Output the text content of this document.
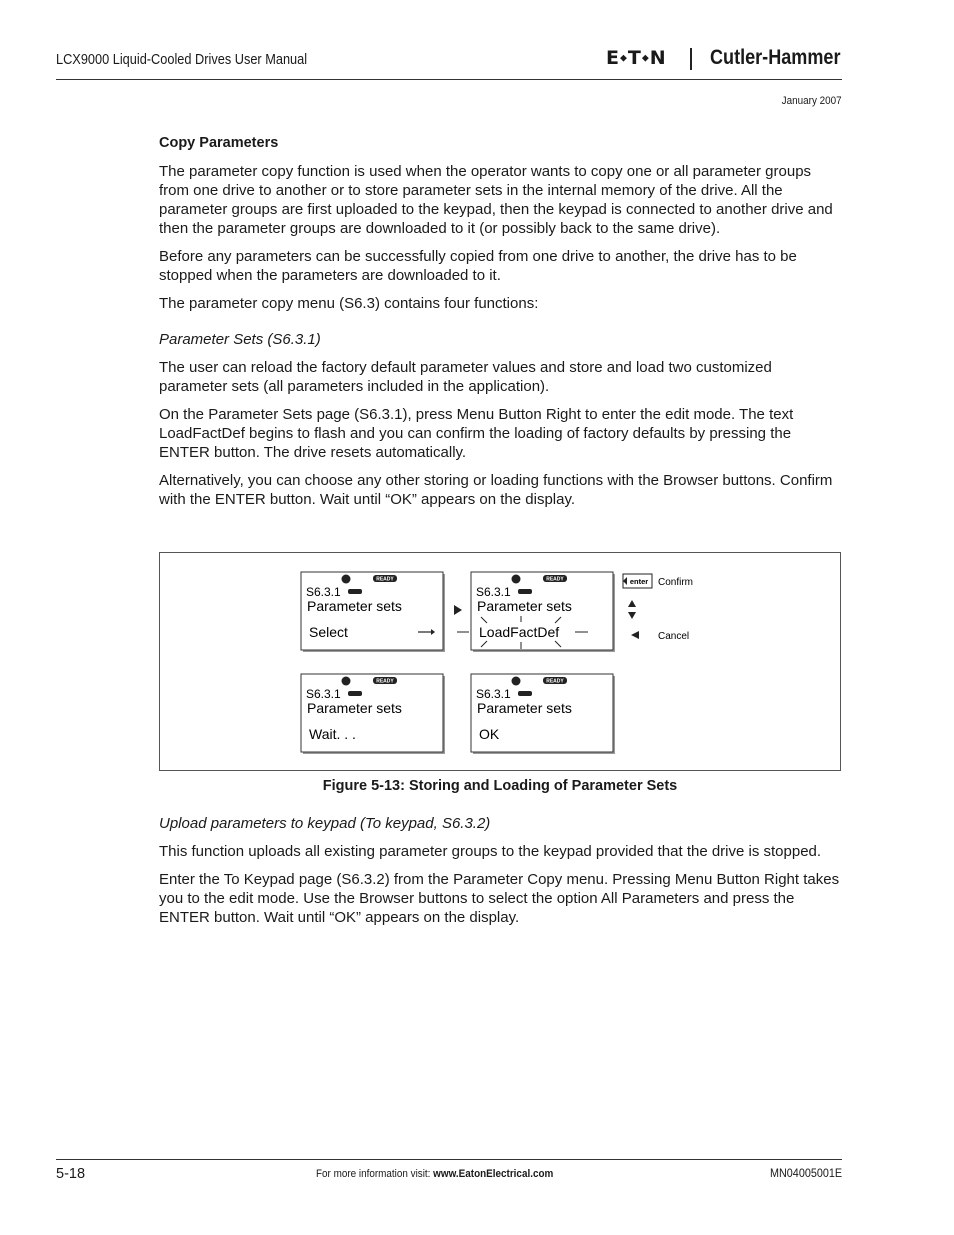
LCX9000 Liquid-Cooled Drives User Manual	E◆T◆N Cutler-Hammer
January 2007
Copy Parameters

The parameter copy function is used when the operator wants to copy one or all parameter groups from one drive to another or to store parameter sets in the internal memory of the drive. All the parameter groups are first uploaded to the keypad, then the keypad is connected to another drive and then the parameter groups are downloaded to it (or possibly back to the same drive).

Before any parameters can be successfully copied from one drive to another, the drive has to be stopped when the parameters are downloaded to it.

The parameter copy menu (S6.3) contains four functions:

Parameter Sets (S6.3.1)

The user can reload the factory default parameter values and store and load two customized parameter sets (all parameters included in the application).

On the Parameter Sets page (S6.3.1), press Menu Button Right to enter the edit mode. The text LoadFactDef begins to flash and you can confirm the loading of factory defaults by pressing the ENTER button. The drive resets automatically.

Alternatively, you can choose any other storing or loading functions with the Browser buttons. Confirm with the ENTER button. Wait until “OK” appears on the display.

READY
S6.3.1
Parameter sets
Select
READY
S6.3.1
Parameter sets
LoadFactDef
enter Confirm
Cancel
READY
S6.3.1
Parameter sets
Wait. . .
READY
S6.3.1
Parameter sets
OK
Figure 5-13: Storing and Loading of Parameter Sets

Upload parameters to keypad (To keypad, S6.3.2)

This function uploads all existing parameter groups to the keypad provided that the drive is stopped.

Enter the To Keypad page (S6.3.2) from the Parameter Copy menu. Pressing Menu Button Right takes you to the edit mode. Use the Browser buttons to select the option All Parameters and press the ENTER button. Wait until “OK” appears on the display.

5-18	For more information visit: www.EatonElectrical.com	MN04005001E
